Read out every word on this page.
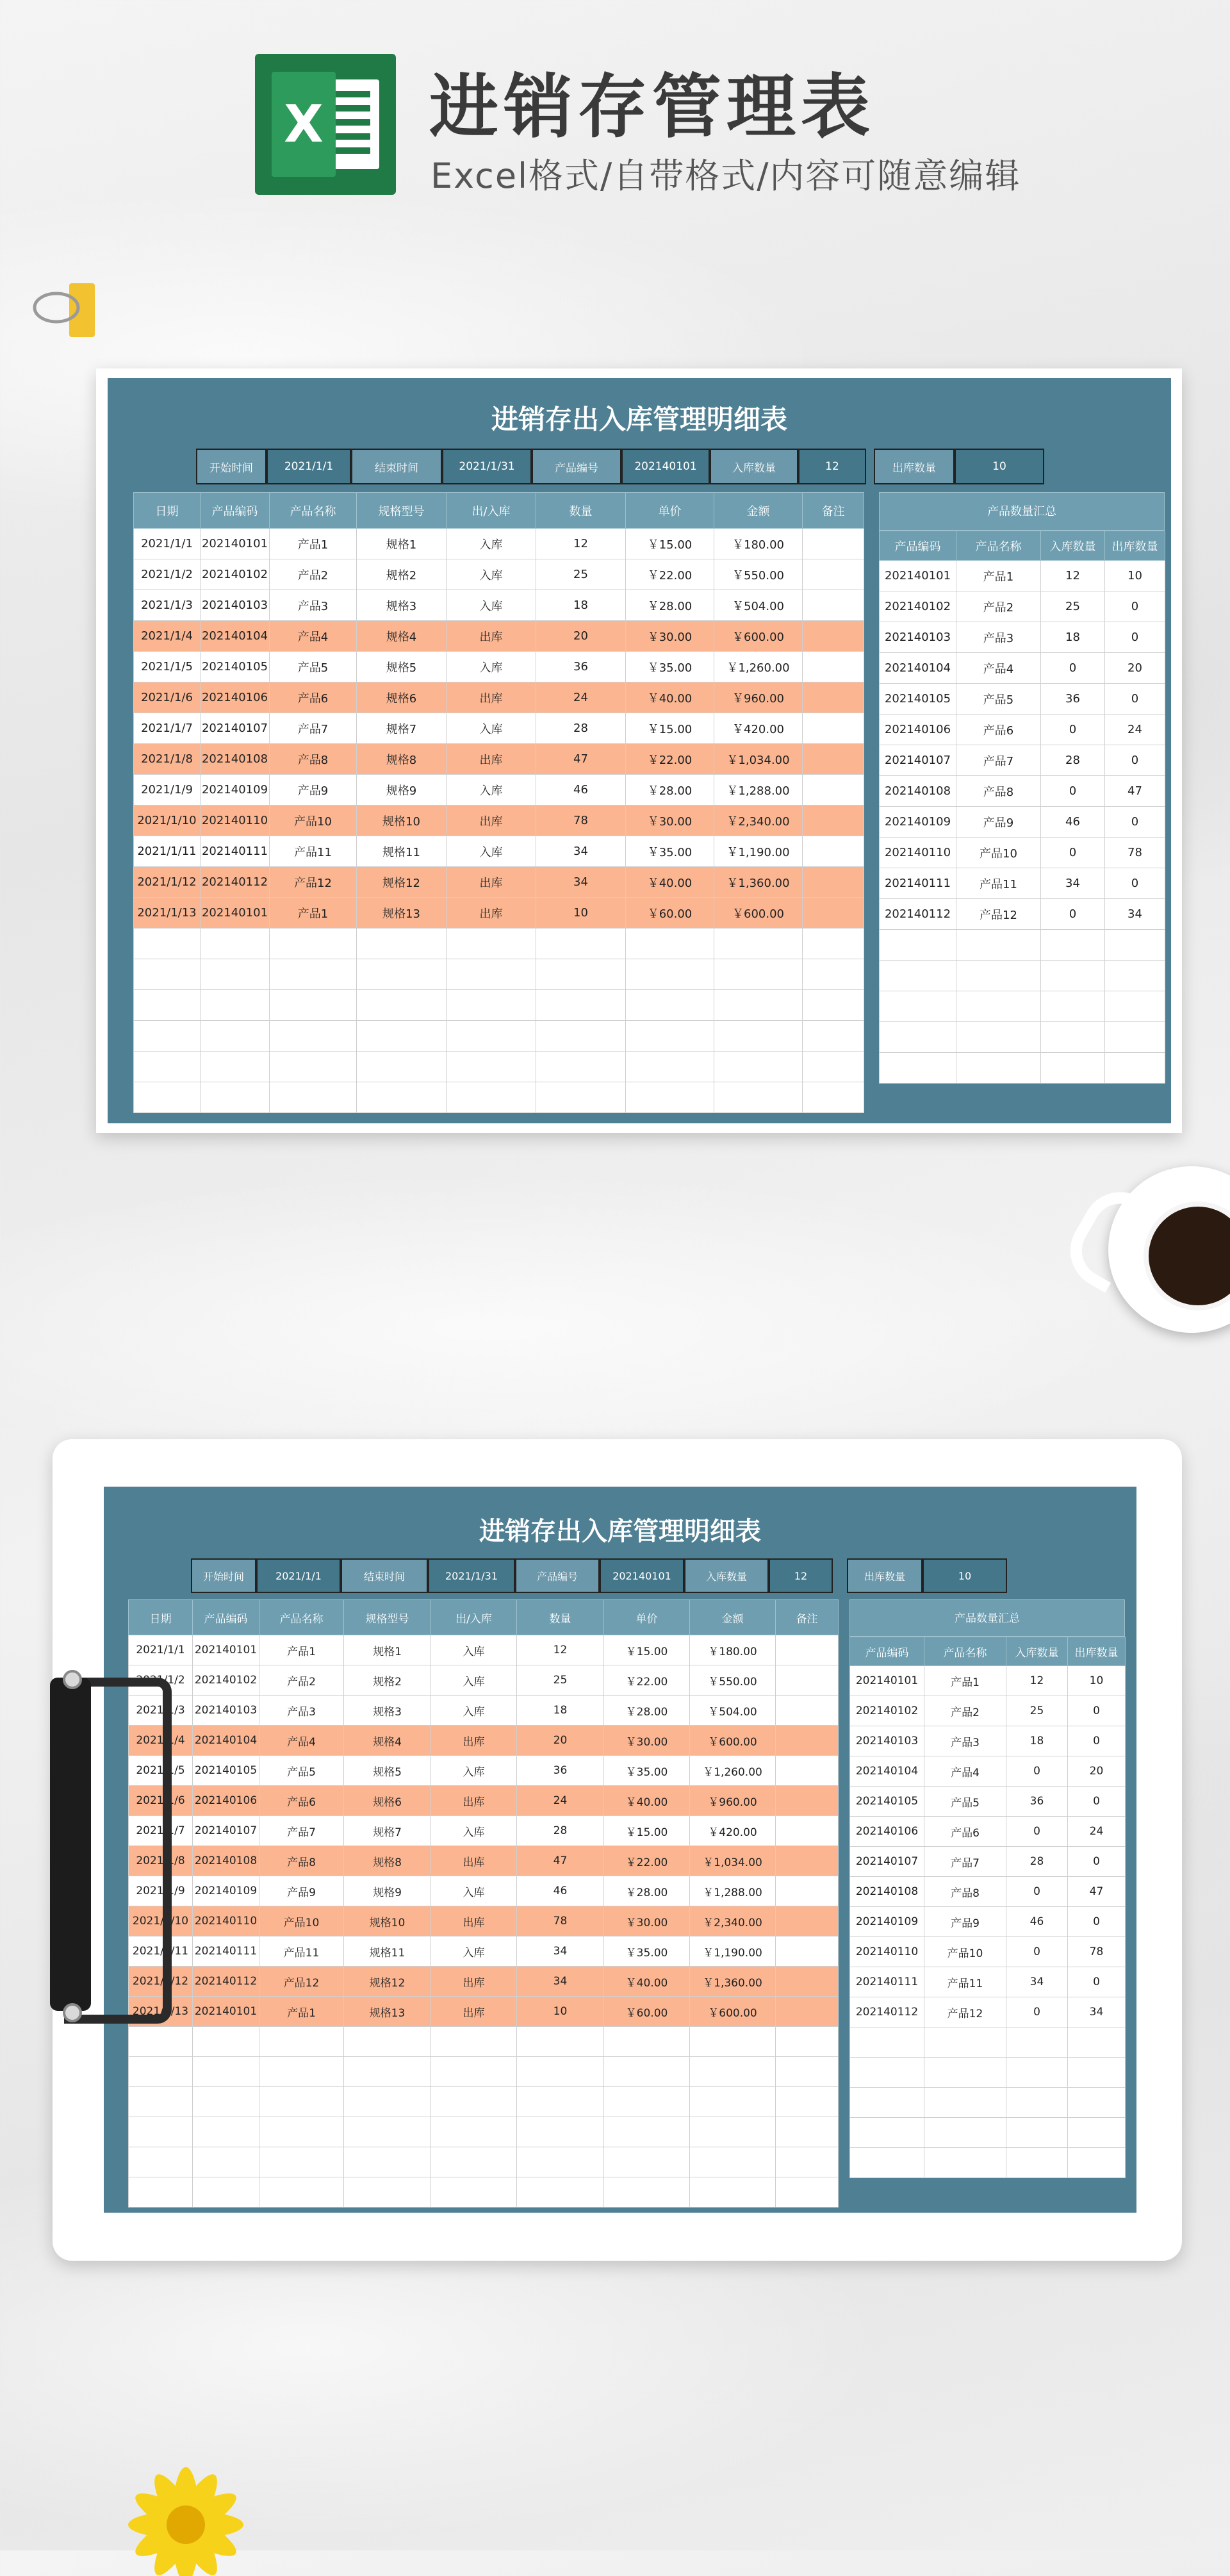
X 进销存管理表
Excel格式/自带格式/内容可随意编辑
进销存出入库管理明细表
开始时间	2021/1/1	结束时间	2021/1/31	产品编号	202140101	入库数量	12	出库数量	10
日期	产品编码	产品名称	规格型号	出/入库	数量	单价	金额	备注
2021/1/1	202140101	产品1	规格1	入库	12	￥15.00	￥180.00	
2021/1/2	202140102	产品2	规格2	入库	25	￥22.00	￥550.00	
2021/1/3	202140103	产品3	规格3	入库	18	￥28.00	￥504.00	
2021/1/4	202140104	产品4	规格4	出库	20	￥30.00	￥600.00	
2021/1/5	202140105	产品5	规格5	入库	36	￥35.00	￥1,260.00	
2021/1/6	202140106	产品6	规格6	出库	24	￥40.00	￥960.00	
2021/1/7	202140107	产品7	规格7	入库	28	￥15.00	￥420.00	
2021/1/8	202140108	产品8	规格8	出库	47	￥22.00	￥1,034.00	
2021/1/9	202140109	产品9	规格9	入库	46	￥28.00	￥1,288.00	
2021/1/10	202140110	产品10	规格10	出库	78	￥30.00	￥2,340.00	
2021/1/11	202140111	产品11	规格11	入库	34	￥35.00	￥1,190.00	
2021/1/12	202140112	产品12	规格12	出库	34	￥40.00	￥1,360.00	
2021/1/13	202140101	产品1	规格13	出库	10	￥60.00	￥600.00	

产品数量汇总
产品编码	产品名称	入库数量	出库数量
202140101	产品1	12	10
202140102	产品2	25	0
202140103	产品3	18	0
202140104	产品4	0	20
202140105	产品5	36	0
202140106	产品6	0	24
202140107	产品7	28	0
202140108	产品8	0	47
202140109	产品9	46	0
202140110	产品10	0	78
202140111	产品11	34	0
202140112	产品12	0	34

进销存出入库管理明细表
开始时间	2021/1/1	结束时间	2021/1/31	产品编号	202140101	入库数量	12	出库数量	10
日期	产品编码	产品名称	规格型号	出/入库	数量	单价	金额	备注
2021/1/1	202140101	产品1	规格1	入库	12	￥15.00	￥180.00	
2021/1/2	202140102	产品2	规格2	入库	25	￥22.00	￥550.00	
2021/1/3	202140103	产品3	规格3	入库	18	￥28.00	￥504.00	
2021/1/4	202140104	产品4	规格4	出库	20	￥30.00	￥600.00	
2021/1/5	202140105	产品5	规格5	入库	36	￥35.00	￥1,260.00	
2021/1/6	202140106	产品6	规格6	出库	24	￥40.00	￥960.00	
2021/1/7	202140107	产品7	规格7	入库	28	￥15.00	￥420.00	
2021/1/8	202140108	产品8	规格8	出库	47	￥22.00	￥1,034.00	
2021/1/9	202140109	产品9	规格9	入库	46	￥28.00	￥1,288.00	
2021/1/10	202140110	产品10	规格10	出库	78	￥30.00	￥2,340.00	
2021/1/11	202140111	产品11	规格11	入库	34	￥35.00	￥1,190.00	
2021/1/12	202140112	产品12	规格12	出库	34	￥40.00	￥1,360.00	
2021/1/13	202140101	产品1	规格13	出库	10	￥60.00	￥600.00	

产品数量汇总
产品编码	产品名称	入库数量	出库数量
202140101	产品1	12	10
202140102	产品2	25	0
202140103	产品3	18	0
202140104	产品4	0	20
202140105	产品5	36	0
202140106	产品6	0	24
202140107	产品7	28	0
202140108	产品8	0	47
202140109	产品9	46	0
202140110	产品10	0	78
202140111	产品11	34	0
202140112	产品12	0	34
